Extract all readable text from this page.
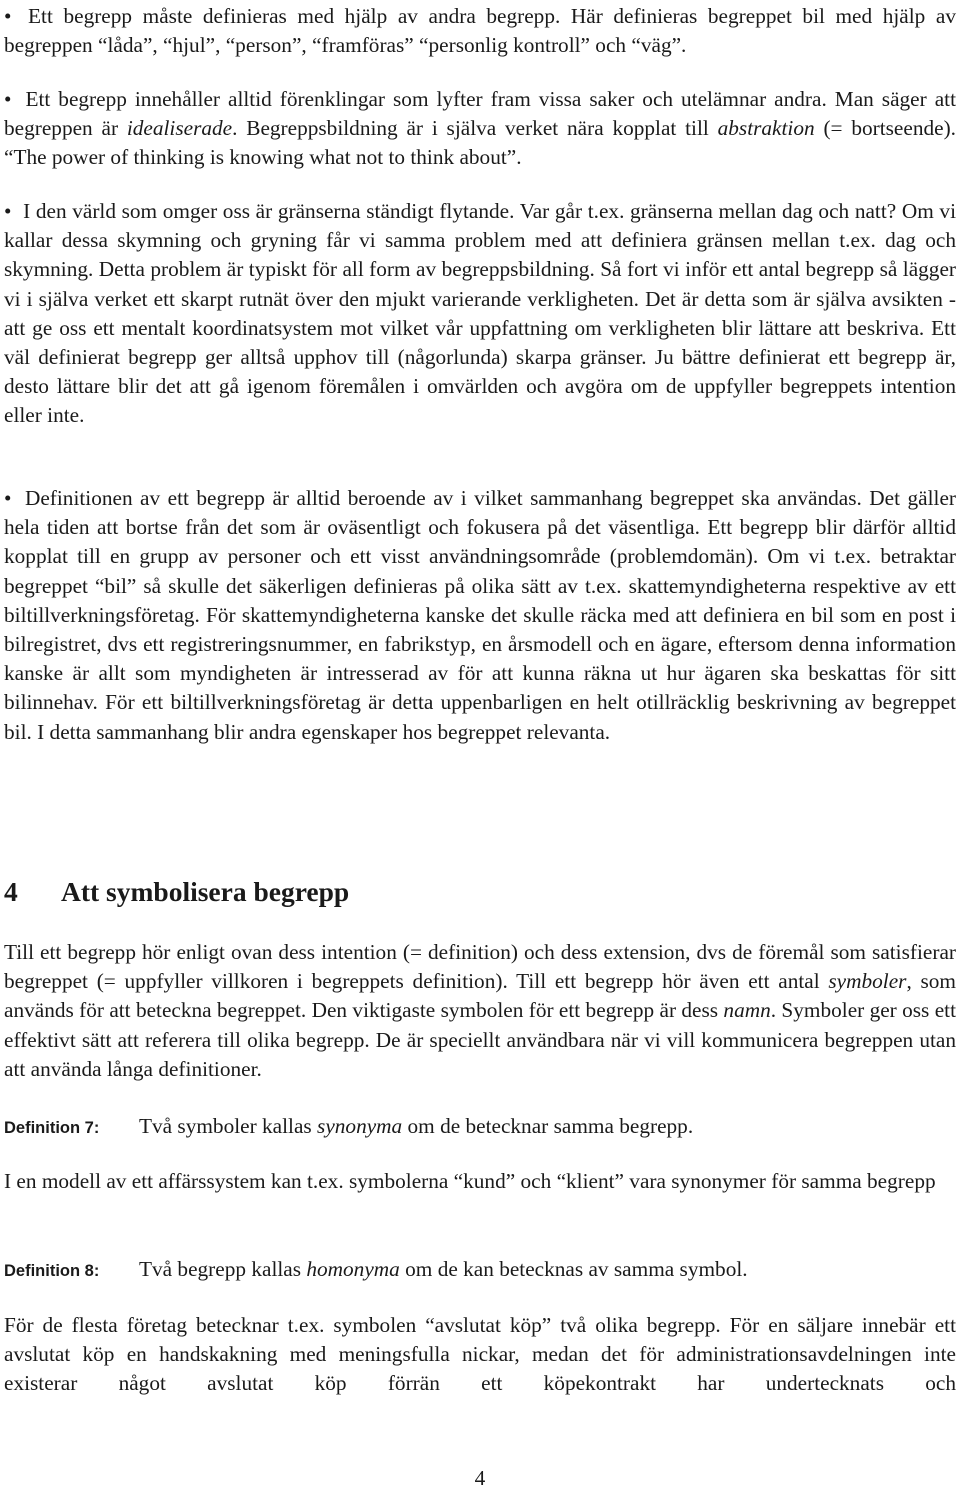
• Ett begrepp måste definieras med hjälp av andra begrepp. Här definieras begreppet bil med hjälp av begreppen “låda”, “hjul”, “person”, “framföras” “personlig kontroll” och “väg”.

• Ett begrepp innehåller alltid förenklingar som lyfter fram vissa saker och utelämnar andra. Man säger att begreppen är idealiserade. Begreppsbildning är i själva verket nära kopplat till abstraktion (= bortseende). “The power of thinking is knowing what not to think about”.

• I den värld som omger oss är gränserna ständigt flytande. Var går t.ex. gränserna mellan dag och natt? Om vi kallar dessa skymning och gryning får vi samma problem med att definiera gränsen mellan t.ex. dag och skymning. Detta problem är typiskt för all form av begreppsbildning. Så fort vi inför ett antal begrepp så lägger vi i själva verket ett skarpt rutnät över den mjukt varierande verkligheten. Det är detta som är själva avsikten - att ge oss ett mentalt koordinatsystem mot vilket vår uppfattning om verkligheten blir lättare att beskriva. Ett väl definierat begrepp ger alltså upphov till (någorlunda) skarpa gränser. Ju bättre definierat ett begrepp är, desto lättare blir det att gå igenom föremålen i omvärlden och avgöra om de uppfyller begreppets intention eller inte.

• Definitionen av ett begrepp är alltid beroende av i vilket sammanhang begreppet ska användas. Det gäller hela tiden att bortse från det som är oväsentligt och fokusera på det väsentliga. Ett begrepp blir därför alltid kopplat till en grupp av personer och ett visst användningsområde (problemdomän). Om vi t.ex. betraktar begreppet “bil” så skulle det säkerligen definieras på olika sätt av t.ex. skattemyndigheterna respektive av ett biltillverkningsföretag. För skattemyndigheterna kanske det skulle räcka med att definiera en bil som en post i bilregistret, dvs ett registreringsnummer, en fabrikstyp, en årsmodell och en ägare, eftersom denna information kanske är allt som myndigheten är intresserad av för att kunna räkna ut hur ägaren ska beskattas för sitt bilinnehav. För ett biltillverkningsföretag är detta uppenbarligen en helt otillräcklig beskrivning av begreppet bil. I detta sammanhang blir andra egenskaper hos begreppet relevanta.

4 Att symbolisera begrepp

Till ett begrepp hör enligt ovan dess intention (= definition) och dess extension, dvs de föremål som satisfierar begreppet (= uppfyller villkoren i begreppets definition). Till ett begrepp hör även ett antal symboler, som används för att beteckna begreppet. Den viktigaste symbolen för ett begrepp är dess namn. Symboler ger oss ett effektivt sätt att referera till olika begrepp. De är speciellt användbara när vi vill kommunicera begreppen utan att använda långa definitioner.

Definition 7: Två symboler kallas synonyma om de betecknar samma begrepp.

I en modell av ett affärssystem kan t.ex. symbolerna “kund” och “klient” vara synonymer för samma begrepp

Definition 8: Två begrepp kallas homonyma om de kan betecknas av samma symbol.

För de flesta företag betecknar t.ex. symbolen “avslutat köp” två olika begrepp. För en säljare innebär ett avslutat köp en handskakning med meningsfulla nickar, medan det för administrationsavdelningen inte existerar något avslutat köp förrän ett köpekontrakt har undertecknats och

4
